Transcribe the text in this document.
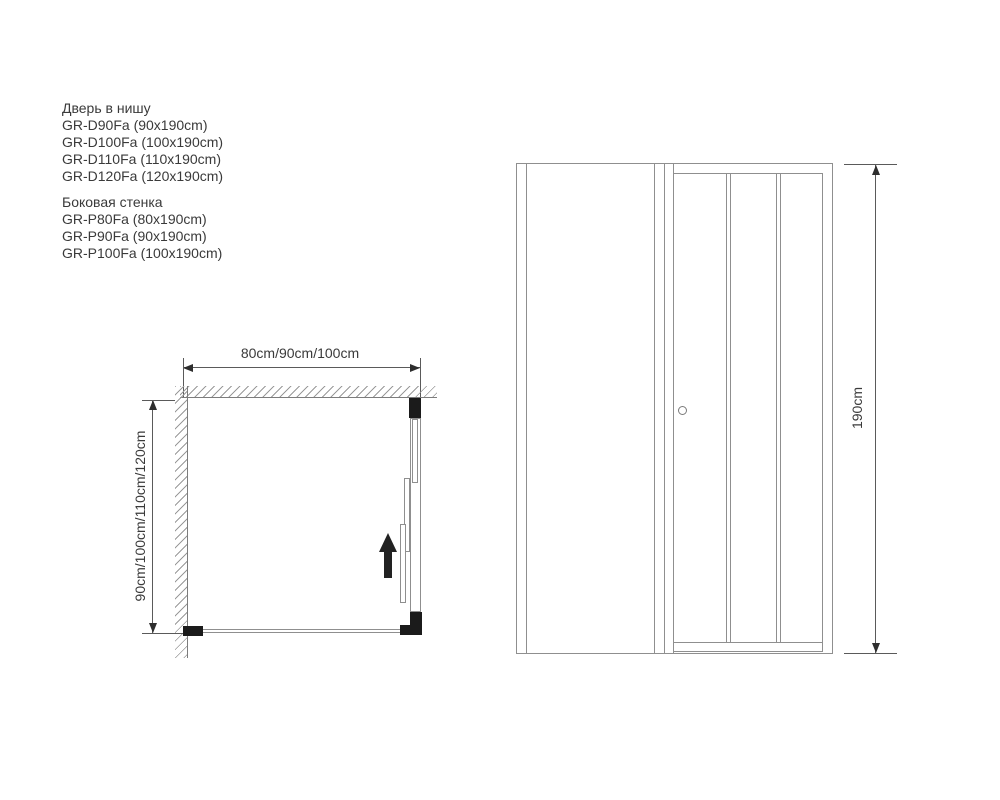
Дверь в нишу
GR-D90Fa (90x190cm)
GR-D100Fa (100x190cm)
GR-D110Fa (110x190cm)
GR-D120Fa (120x190cm)
Боковая стенка
GR-P80Fa (80x190cm)
GR-P90Fa (90x190cm)
GR-P100Fa (100x190cm)
80cm/90cm/100cm
90cm/100cm/110cm/120cm
190cm
